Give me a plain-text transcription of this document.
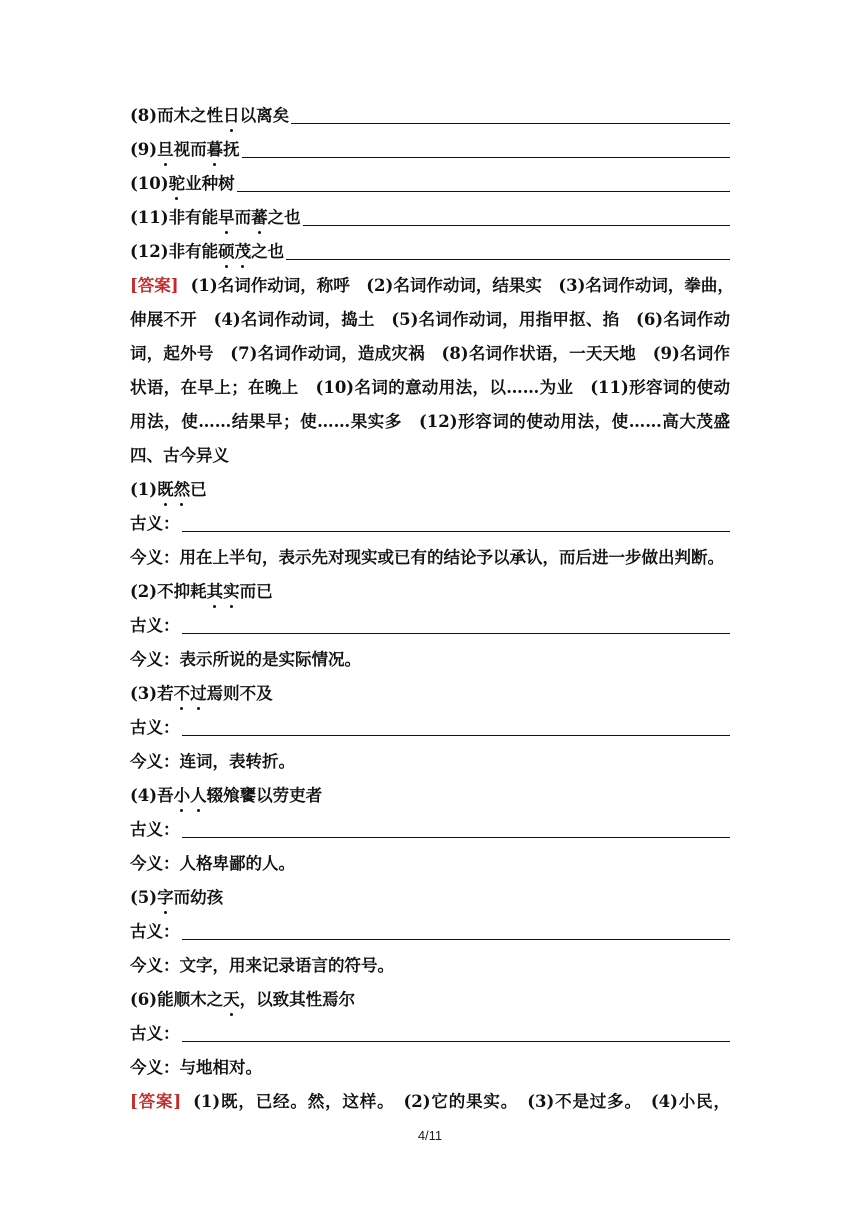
(8) 而木之性 日 以离矣
(9) 旦 视而 暮 抚
(10) 驼 业种树
(11) 非有能 早 而 蕃 之也
(12) 非有能 硕 茂 之也
[答案] (1)名词作动词，称呼　(2)名词作动词，结果实　(3)名词作动词，拳曲，
伸展不开　(4)名词作动词，捣土　(5)名词作动词，用指甲抠、掐　(6)名词作动
词，起外号　(7)名词作动词，造成灾祸　(8)名词作状语，一天天地　(9)名词作
状语，在早上；在晚上　(10)名词的意动用法，以……为业　(11)形容词的使动
用法，使……结果早；使……果实多　(12)形容词的使动用法，使……高大茂盛
四、古今异义
(1)既然已
古义：
今义：用在上半句，表示先对现实或已有的结论予以承认，而后进一步做出判断。
(2)不抑耗其实而已
古义：
今义：表示所说的是实际情况。
(3)若不过焉则不及
古义：
今义：连词，表转折。
(4)吾小人辍飧饔以劳吏者
古义：
今义：人格卑鄙的人。
(5)字而幼孩
古义：
今义：文字，用来记录语言的符号。
(6)能顺木之天，以致其性焉尔
古义：
今义：与地相对。
[答案] (1)既，已经。然，这样。　(2)它的果实。　(3)不是过多。　(4)小民，
4/11
